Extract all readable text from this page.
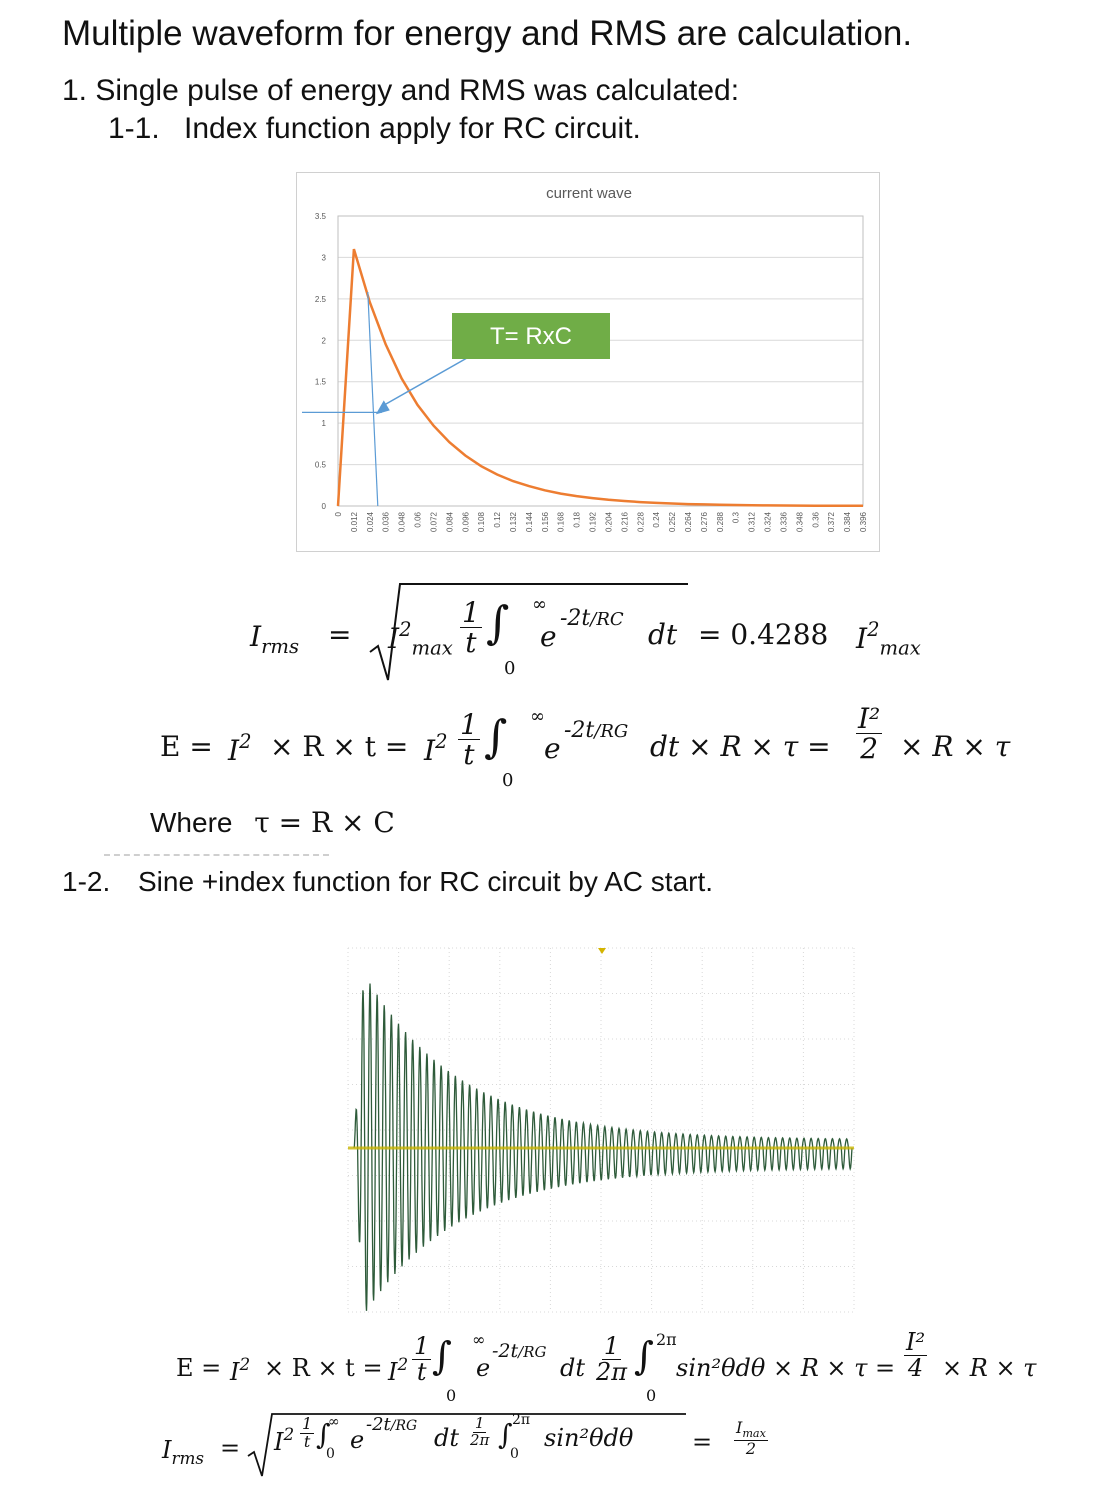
Multiple waveform for energy and RMS are calculation.
1. Single pulse of energy and RMS was calculated:
1-1. Index function apply for RC circuit.
0
0.5
1
1.5
2
2.5
3
3.5
0 0.012 0.024 0.036 0.048 0.06 0.072 0.084 0.096 0.108 0.12 0.132 0.144 0.156 0.168 0.18 0.192 0.204 0.216 0.228 0.24 0.252 0.264 0.276 0.288 0.3 0.312 0.324 0.336 0.348 0.36 0.372 0.384 0.396
current wave
T= RxC
$I_{rms} = I^2_{max} \frac{1}{t}$ ∫ ∞
0
e
-2t/RC dt = 0.4288 $I^2_{max}$
$E = I^2 \times R \times t = I^2 \frac{1}{t}$ ∫ ∞
0
e
-2t/RG dt × $R \times \tau = \frac{\text{I²}}{2} \times R \times \tau$
Where τ = R × C
1-2. Sine +index function for RC circuit by AC start.
$E = I^2 \times R \times t = I^2 \frac{1}{t}$ ∫ ∞
0
e
-2t/RG
dt $\frac{1}{2\pi}$ ∫ 2π
0
$\sin^2\theta d\theta \times R \times \tau = \frac{\text{I²}}{4} \times R \times \tau$
$I_{rms} = I^2 \frac{1}{t}$ ∫
∞
0 e
-2t/RG dt $\frac{1}{2\pi}$ ∫ 2π
0
sin²θdθ =
$I_{max}$
2
